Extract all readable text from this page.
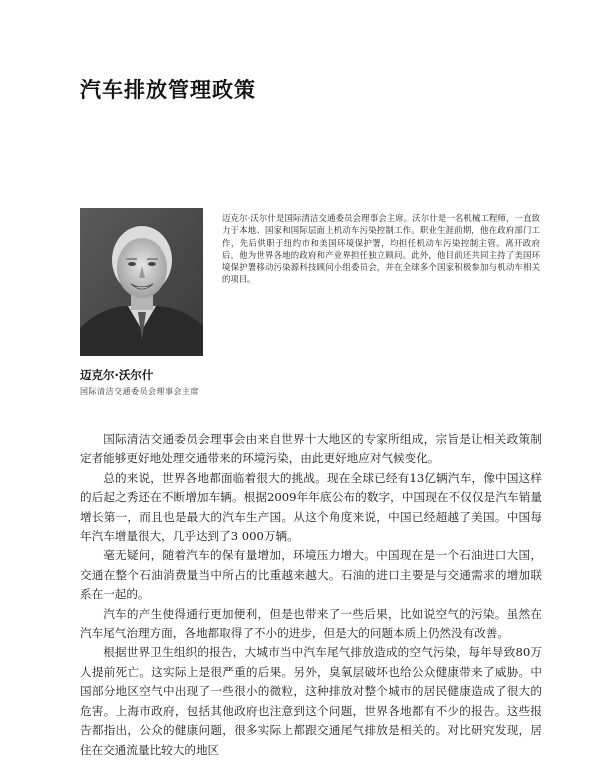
汽车排放管理政策
迈克尔·沃尔什是国际清洁交通委员会理事会主席。沃尔什是一名机械工程师，一直致力于本地、国家和国际层面上机动车污染控制工作。职业生涯前期，他在政府部门工作，先后供职于纽约市和美国环境保护署，均担任机动车污染控制主管。离开政府后，他为世界各地的政府和产业界担任独立顾问。此外，他目前还共同主持了美国环境保护署移动污染源科技顾问小组委员会，并在全球多个国家积极参加与机动车相关的项目。
迈克尔·沃尔什
国际清洁交通委员会理事会主席

国际清洁交通委员会理事会由来自世界十大地区的专家所组成，宗旨是让相关政策制定者能够更好地处理交通带来的环境污染，由此更好地应对气候变化。

总的来说，世界各地都面临着很大的挑战。现在全球已经有13亿辆汽车，像中国这样的后起之秀还在不断增加车辆。根据2009年年底公布的数字，中国现在不仅仅是汽车销量增长第一，而且也是最大的汽车生产国。从这个角度来说，中国已经超越了美国。中国每年汽车增量很大，几乎达到了3 000万辆。

毫无疑问，随着汽车的保有量增加，环境压力增大。中国现在是一个石油进口大国，交通在整个石油消费量当中所占的比重越来越大。石油的进口主要是与交通需求的增加联系在一起的。

汽车的产生使得通行更加便利，但是也带来了一些后果，比如说空气的污染。虽然在汽车尾气治理方面，各地都取得了不小的进步，但是大的问题本质上仍然没有改善。

根据世界卫生组织的报告，大城市当中汽车尾气排放造成的空气污染，每年导致80万人提前死亡。这实际上是很严重的后果。另外，臭氧层破坏也给公众健康带来了威胁。中国部分地区空气中出现了一些很小的微粒，这种排放对整个城市的居民健康造成了很大的危害。上海市政府，包括其他政府也注意到这个问题，世界各地都有不少的报告。这些报告都指出，公众的健康问题，很多实际上都跟交通尾气排放是相关的。对比研究发现，居住在交通流量比较大的地区
